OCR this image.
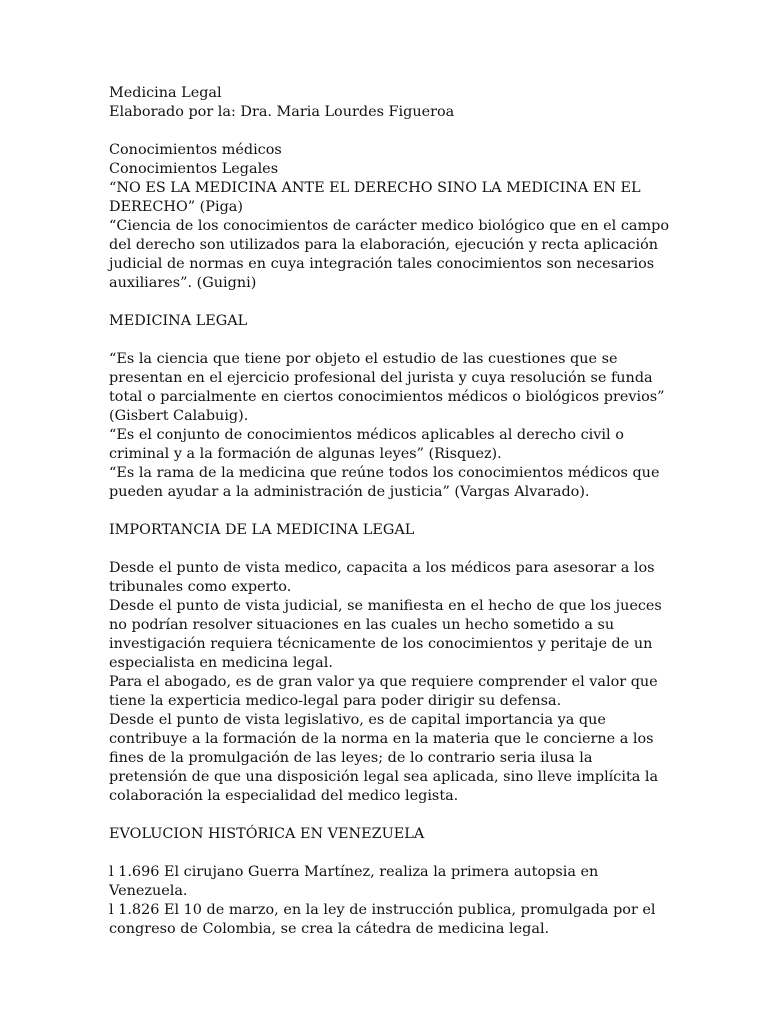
Medicina Legal

Elaborado por la: Dra. Maria Lourdes Figueroa

Conocimientos médicos

Conocimientos Legales

“NO ES LA MEDICINA ANTE EL DERECHO SINO LA MEDICINA EN EL
DERECHO” (Piga)

“Ciencia de los conocimientos de carácter medico biológico que en el campo
del derecho son utilizados para la elaboración, ejecución y recta aplicación
judicial de normas en cuya integración tales conocimientos son necesarios
auxiliares”. (Guigni)

MEDICINA LEGAL

“Es la ciencia que tiene por objeto el estudio de las cuestiones que se
presentan en el ejercicio profesional del jurista y cuya resolución se funda
total o parcialmente en ciertos conocimientos médicos o biológicos previos”
(Gisbert Calabuig).

“Es el conjunto de conocimientos médicos aplicables al derecho civil o
criminal y a la formación de algunas leyes” (Risquez).

“Es la rama de la medicina que reúne todos los conocimientos médicos que
pueden ayudar a la administración de justicia” (Vargas Alvarado).

IMPORTANCIA DE LA MEDICINA LEGAL

Desde el punto de vista medico, capacita a los médicos para asesorar a los
tribunales como experto.

Desde el punto de vista judicial, se manifiesta en el hecho de que los jueces
no podrían resolver situaciones en las cuales un hecho sometido a su
investigación requiera técnicamente de los conocimientos y peritaje de un
especialista en medicina legal.

Para el abogado, es de gran valor ya que requiere comprender el valor que
tiene la experticia medico-legal para poder dirigir su defensa.

Desde el punto de vista legislativo, es de capital importancia ya que
contribuye a la formación de la norma en la materia que le concierne a los
fines de la promulgación de las leyes; de lo contrario seria ilusa la
pretensión de que una disposición legal sea aplicada, sino lleve implícita la
colaboración la especialidad del medico legista.

EVOLUCION HISTÓRICA EN VENEZUELA

l 1.696 El cirujano Guerra Martínez, realiza la primera autopsia en
Venezuela.

l 1.826 El 10 de marzo, en la ley de instrucción publica, promulgada por el
congreso de Colombia, se crea la cátedra de medicina legal.
